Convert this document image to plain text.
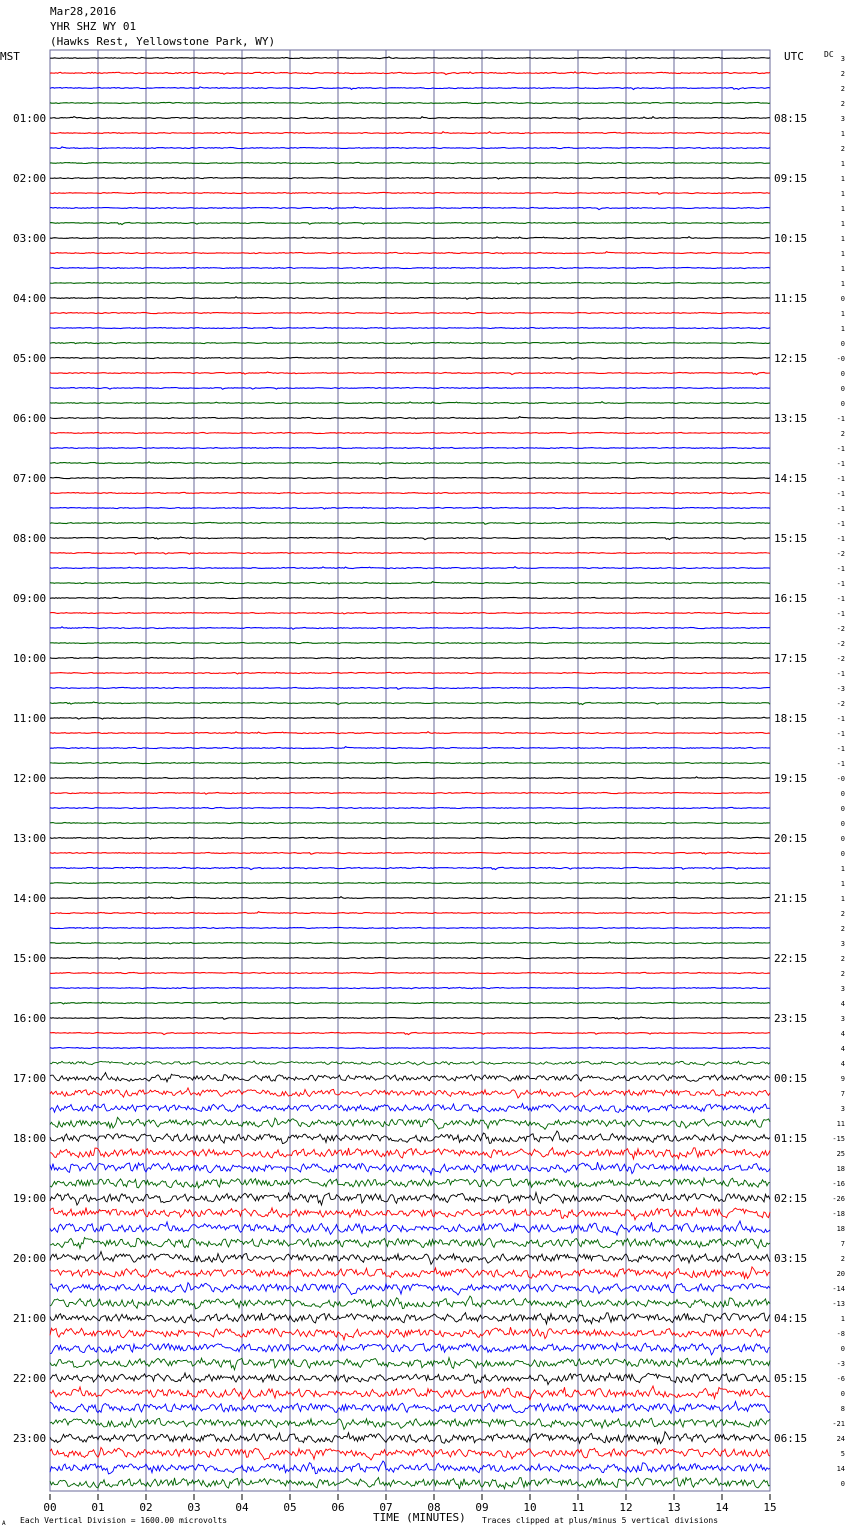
Mar28,2016
YHR SHZ WY 01
(Hawks Rest, Yellowstone Park, WY)
MST	UTC	DC
00	01	02	03	04	05	06	07	08	09	10	11	12	13	14	15
3
2
2
2
3
01:00	08:15
1
2
1
1
02:00	09:15
1
1
1
1
03:00	10:15
1
1
1
0
04:00	11:15
1
1
0
-0
05:00	12:15
0
0
0
-1
06:00	13:15
2
-1
-1
-1
07:00	14:15
-1
-1
-1
-1
08:00	15:15
-2
-1
-1
-1
09:00	16:15
-1
-2
-2
-2
10:00	17:15
-1
-3
-2
-1
11:00	18:15
-1
-1
-1
-0
12:00	19:15
0
0
0
0
13:00	20:15
0
1
1
1
14:00	21:15
2
2
3
2
15:00	22:15
2
3
4
3
16:00	23:15
4
4
4
9
17:00	00:15
7
3
11
-15
18:00	01:15
25
18
-16
-26
19:00	02:15
-18
18
7
2
20:00	03:15
20
-14
-13
1
21:00	04:15
-8
0
-3
-6
22:00	05:15
0
8
-21
24
23:00	06:15
5
14
0
Each Vertical Division = 1600.00 microvolts	TIME (MINUTES) Traces clipped at plus/minus 5 vertical divisions
A
